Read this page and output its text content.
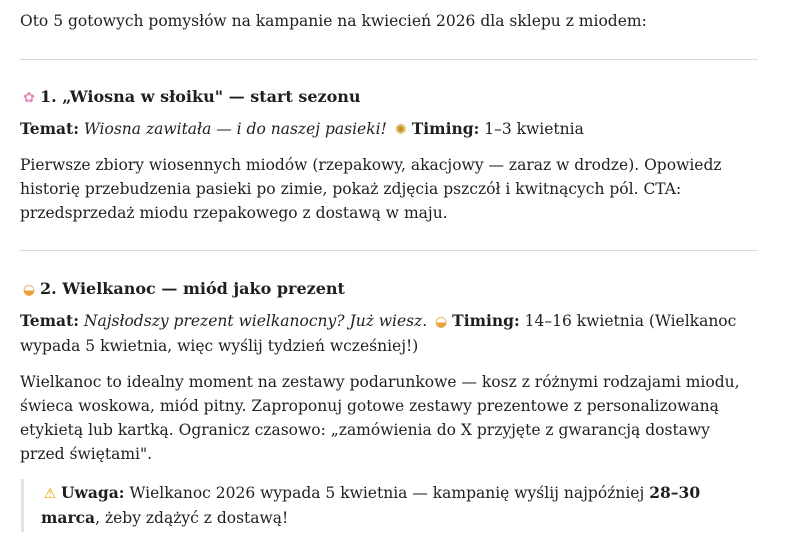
Oto 5 gotowych pomysłów na kampanie na kwiecień 2026 dla sklepu z miodem:

✿ 1. „Wiosna w słoiku" — start sezonu

Temat: Wiosna zawitała — i do naszej pasieki! ✺ Timing: 1–3 kwietnia

Pierwsze zbiory wiosennych miodów (rzepakowy, akacjowy — zaraz w drodze). Opowiedz historię przebudzenia pasieki po zimie, pokaż zdjęcia pszczół i kwitnących pól. CTA: przedsprzedaż miodu rzepakowego z dostawą w maju.

◒ 2. Wielkanoc — miód jako prezent

Temat: Najsłodszy prezent wielkanocny? Już wiesz. ◒ Timing: 14–16 kwietnia (Wielkanoc wypada 5 kwietnia, więc wyślij tydzień wcześniej!)

Wielkanoc to idealny moment na zestawy podarunkowe — kosz z różnymi rodzajami miodu, świeca woskowa, miód pitny. Zaproponuj gotowe zestawy prezentowe z personalizowaną etykietą lub kartką. Ogranicz czasowo: „zamówienia do X przyjęte z gwarancją dostawy przed świętami".

⚠ Uwaga: Wielkanoc 2026 wypada 5 kwietnia — kampanię wyślij najpóźniej 28–30 marca, żeby zdążyć z dostawą!
